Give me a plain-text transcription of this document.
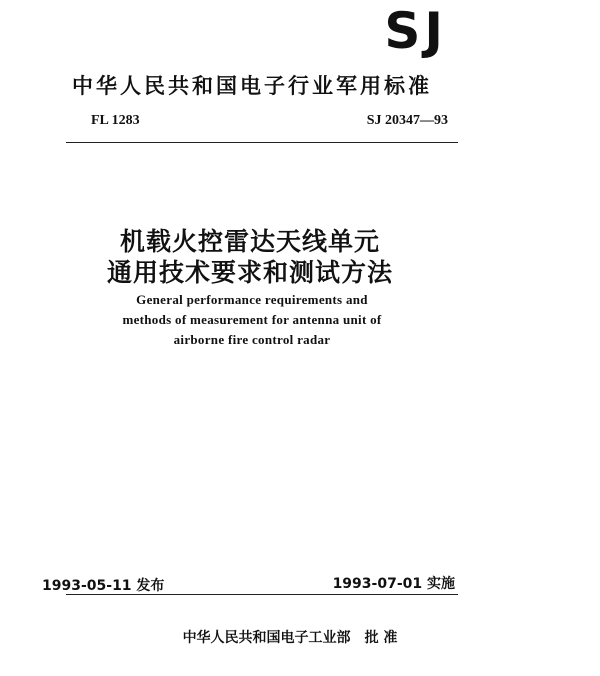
SJ
中华人民共和国电子行业军用标准
FL 1283	SJ 20347—93
机载火控雷达天线单元
通用技术要求和测试方法
General performance requirements and
methods of measurement for antenna unit of
airborne fire control radar
1993-05-11 发布	1993-07-01 实施
中华人民共和国电子工业部 批 准
